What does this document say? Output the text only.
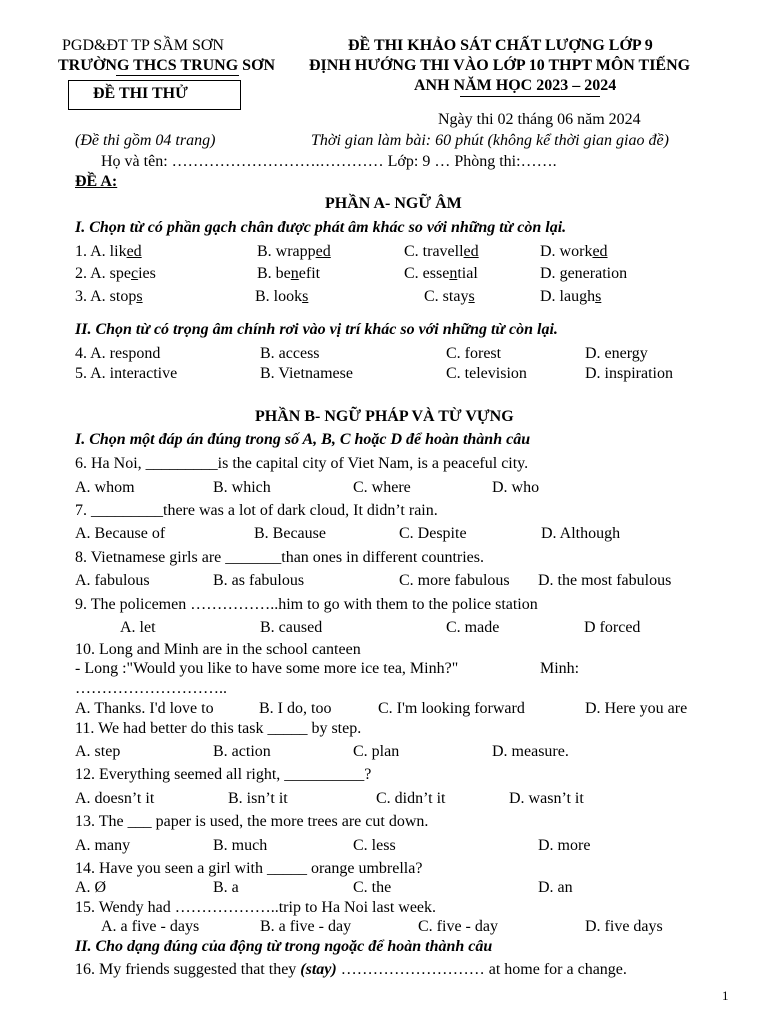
PGD&ĐT TP SẦM SƠN
TRƯỜNG THCS TRUNG SƠN
ĐỀ THI THỬ
ĐỀ THI KHẢO SÁT CHẤT LƯỢNG LỚP 9
ĐỊNH HƯỚNG THI VÀO LỚP 10 THPT MÔN TIẾNG
ANH NĂM HỌC 2023 – 2024
Ngày thi 02 tháng 06 năm 2024
(Đề thi gồm 04 trang)	Thời gian làm bài: 60 phút (không kể thời gian giao đề)
Họ và tên: ……………………….………… Lớp: 9 … Phòng thi:…….
ĐỀ A:
PHẦN A- NGỮ ÂM
I. Chọn từ có phần gạch chân được phát âm khác so với những từ còn lại.
1. A. liked	B. wrapped	C. travelled	D. worked
2. A. species	B. benefit	C. essential	D. generation
3. A. stops	B. looks	C. stays	D. laughs
II. Chọn từ có trọng âm chính rơi vào vị trí khác so với những từ còn lại.
4. A. respond	B. access	C. forest	D. energy
5. A. interactive	B. Vietnamese	C. television	D. inspiration
PHẦN B- NGỮ PHÁP VÀ TỪ VỰNG
I. Chọn một đáp án đúng trong số A, B, C hoặc D để hoàn thành câu
6. Ha Noi, _________is the capital city of Viet Nam, is a peaceful city.
A. whom	B. which	C. where	D. who
7. _________there was a lot of dark cloud, It didn’t rain.
A. Because of	B. Because	C. Despite	D. Although
8. Vietnamese girls are _______than ones in different countries.
A. fabulous	B. as fabulous	C. more fabulous D. the most fabulous
9. The policemen ……………..him to go with them to the police station
A. let	B. caused	C. made	D forced
10. Long and Minh are in the school canteen
- Long :"Would you like to have some more ice tea, Minh?"	Minh:
………………………..
A. Thanks. I'd love to	B. I do, too	C. I'm looking forward	D. Here you are
11. We had better do this task _____ by step.
A. step	B. action	C. plan	D. measure.
12. Everything seemed all right, __________?
A. doesn’t it	B. isn’t it	C. didn’t it	D. wasn’t it
13. The ___ paper is used, the more trees are cut down.
A. many	B. much	C. less	D. more
14. Have you seen a girl with _____ orange umbrella?
A. Ø	B. a	C. the	D. an
15. Wendy had ………………..trip to Ha Noi last week.
A. a five - days	B. a five - day	C. five - day	D. five days
II. Cho dạng đúng của động từ trong ngoặc để hoàn thành câu
16. My friends suggested that they (stay) ……………………… at home for a change.
1
